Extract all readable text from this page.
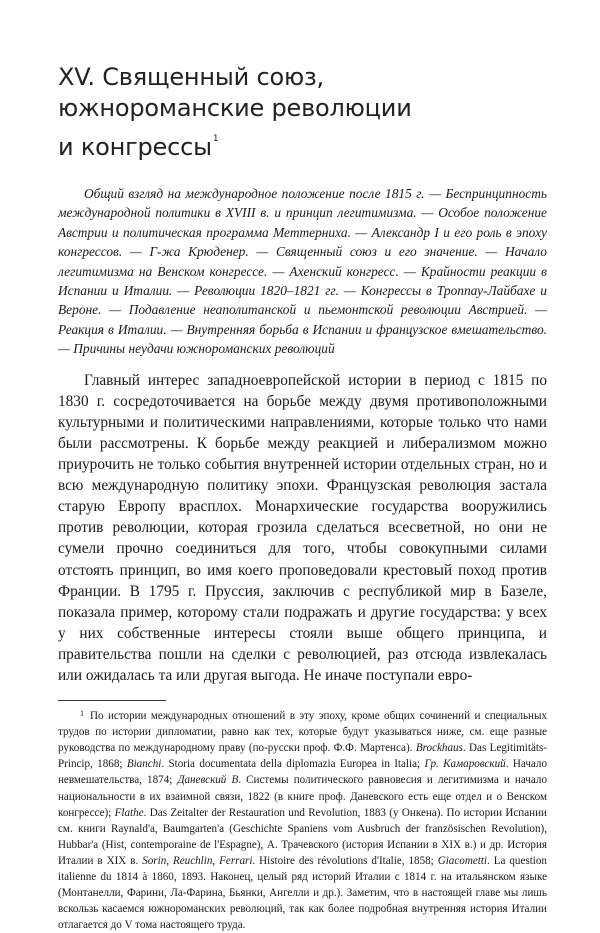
XV. Священный союз,
южнороманские революции
и конгрессы$^1$

Общий взгляд на международное положение после 1815 г. — Беспринципность международной политики в XVIII в. и принцип легитимизма. — Особое положение Австрии и политическая программа Меттерниха. — Александр I и его роль в эпоху конгрессов. — Г-жа Крюденер. — Священный союз и его значение. — Начало легитимизма на Венском конгрессе. — Ахенский конгресс. — Крайности реакции в Испании и Италии. — Революции 1820–1821 гг. — Конгрессы в Троппау-Лайбахе и Вероне. — Подавление неаполитанской и пьемонтской революции Австрией. — Реакция в Италии. — Внутренняя борьба в Испании и французское вмешательство. — Причины неудачи южнороманских революций

Главный интерес западноевропейской истории в период с 1815 по 1830 г. сосредоточивается на борьбе между двумя противоположными культурными и политическими направлениями, которые только что нами были рассмотрены. К борьбе между реакцией и либерализмом можно приурочить не только события внутренней истории отдельных стран, но и всю международную политику эпохи. Французская революция застала старую Европу врасплох. Монархические государства вооружились против революции, которая грозила сделаться всесветной, но они не сумели прочно соединиться для того, чтобы совокупными силами отстоять принцип, во имя коего проповедовали крестовый поход против Франции. В 1795 г. Пруссия, заключив с республикой мир в Базеле, показала пример, которому стали подражать и другие государства: у всех у них собственные интересы стояли выше общего принципа, и правительства пошли на сделки с революцией, раз отсюда извлекалась или ожидалась та или другая выгода. Не иначе поступали евро-

$^1$ По истории международных отношений в эту эпоху, кроме общих сочинений и специальных трудов по истории дипломатии, равно как тех, которые будут указываться ниже, см. еще разные руководства по международному праву (по-русски проф. Ф.Ф. Мартенса). Brockhaus. Das Legitimitäts-Princip, 1868; Bianchi. Storia documentata della diplomazia Europea in Italia; Гр. Камаровский. Начало невмешательства, 1874; Даневский В. Системы политического равновесия и легитимизма и начало национальности в их взаимной связи, 1822 (в книге проф. Даневского есть еще отдел и о Венском конгрессе); Flathe. Das Zeitalter der Restauration und Revolution, 1883 (у Онкена). По истории Испании см. книги Raynald'a, Baumgarten'a (Geschichte Spaniens vom Ausbruch der französischen Revolution), Hubbar'a (Hist, contemporaine de l'Espagne), А. Трачевского (история Испании в XIX в.) и др. История Италии в XIX в. Sorin, Reuchlin, Ferrari. Histoire des révolutions d'Italie, 1858; Giacometti. La question italienne du 1814 à 1860, 1893. Наконец, целый ряд историй Италии с 1814 г. на итальянском языке (Монтанелли, Фарини, Ла-Фарина, Бьянки, Ангелли и др.). Заметим, что в настоящей главе мы лишь вскользь касаемся южнороманских революций, так как более подробная внутренняя история Италии отлагается до V тома настоящего труда.
